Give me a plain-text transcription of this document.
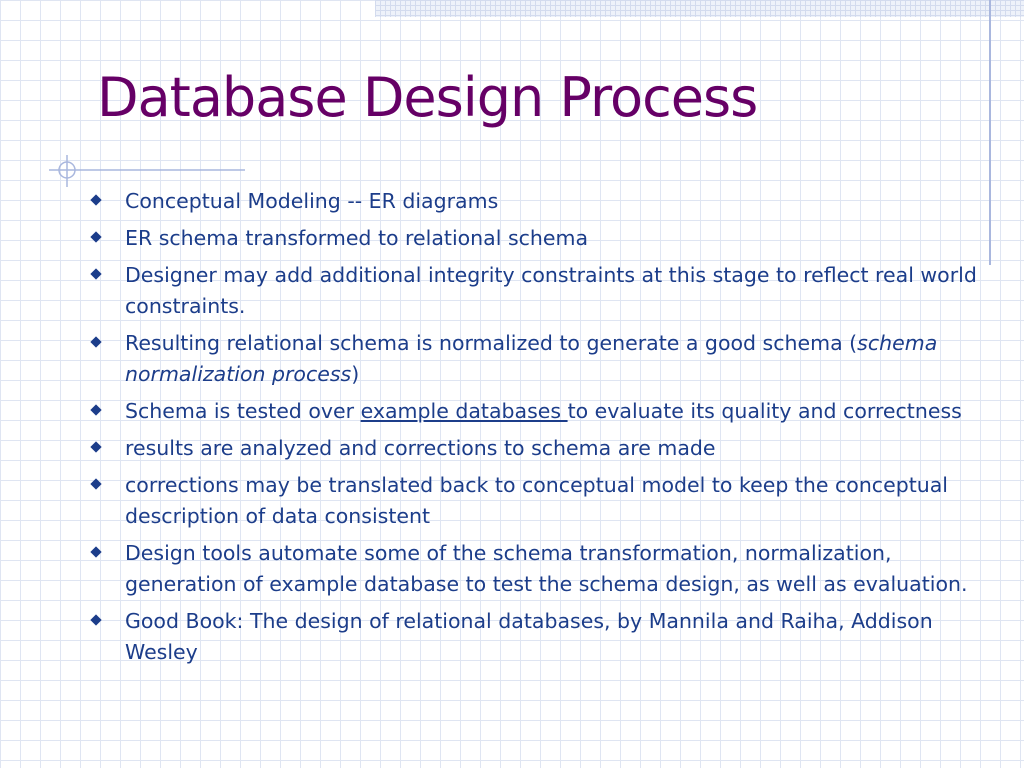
Database Design Process
Conceptual Modeling -- ER diagrams
ER schema transformed to relational schema
Designer may add additional integrity constraints at this stage to reflect real world constraints.
Resulting relational schema is normalized to generate a good schema (schema normalization process)
Schema is tested over example databases to evaluate its quality and correctness
results are analyzed and corrections to schema are made
corrections may be translated back to conceptual model to keep the conceptual description of data consistent
Design tools automate some of the schema transformation, normalization, generation of example database to test the schema design, as well as evaluation.
Good Book: The design of relational databases, by Mannila and Raiha, Addison Wesley
